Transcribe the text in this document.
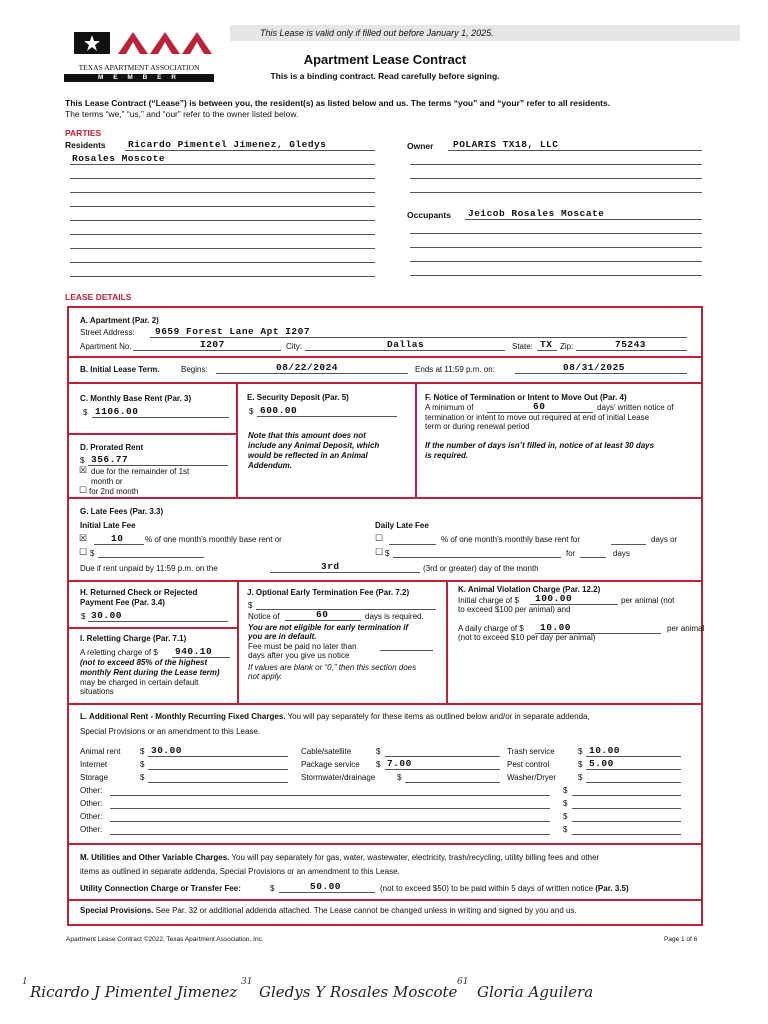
This Lease is valid only if filled out before January 1, 2025.
TEXAS APARTMENT ASSOCIATION
M E M B E R
Apartment Lease Contract
This is a binding contract. Read carefully before signing.
This Lease Contract (“Lease”) is between you, the resident(s) as listed below and us. The terms “you” and “your” refer to all residents.
The terms “we,” “us,” and “our” refer to the owner listed below.
PARTIES
Residents Ricardo Pimentel Jimenez, Gledys
Rosales Moscote
Owner POLARIS TX18, LLC
Occupants Jeicob Rosales Moscate
LEASE DETAILS
A. Apartment (Par. 2)
Street Address: 9659 Forest Lane Apt I207
Apartment No.	I207	City:	Dallas	State: TX Zip:	75243
B. Initial Lease Term.	Begins:	08/22/2024	Ends at 11:59 p.m. on:	08/31/2025
C. Monthly Base Rent (Par. 3)
$ 1106.00
D. Prorated Rent
$ 356.77
☒ due for the remainder of 1st
month or
☐ for 2nd month
E. Security Deposit (Par. 5)
$ 600.00
Note that this amount does not
include any Animal Deposit, which
would be reflected in an Animal
Addendum.
F. Notice of Termination or Intent to Move Out (Par. 4)
A minimum of	60	days’ written notice of
termination or intent to move out required at end of initial Lease
term or during renewal period
If the number of days isn’t filled in, notice of at least 30 days
is required.
G. Late Fees (Par. 3.3)
Initial Late Fee
☒	10	% of one month’s monthly base rent or
☐ $
Daily Late Fee
☐	% of one month’s monthly base rent for	days or
☐ $	for	days
Due if rent unpaid by 11:59 p.m. on the	3rd	(3rd or greater) day of the month
H. Returned Check or Rejected
Payment Fee (Par. 3.4)
$ 30.00
I. Reletting Charge (Par. 7.1)
A reletting charge of $ 940.10
(not to exceed 85% of the highest
monthly Rent during the Lease term)
may be charged in certain default
situations
J. Optional Early Termination Fee (Par. 7.2)
$
Notice of	60	days is required.
You are not eligible for early termination if
you are in default.
Fee must be paid no later than
days after you give us notice
If values are blank or “0,” then this section does
not apply.
K. Animal Violation Charge (Par. 12.2)
Initial charge of $ 100.00	per animal (not
to exceed $100 per animal) and
A daily charge of $ 10.00	per animal
(not to exceed $10 per day per animal)
L. Additional Rent - Monthly Recurring Fixed Charges. You will pay separately for these items as outlined below and/or in separate addenda,
Special Provisions or an amendment to this Lease.
Animal rent $ 30.00	Cable/satellite	$	Trash service	$ 10.00
Internet	$	Package service $ 7.00	Pest control	$ 5.00
Storage	$	Stormwater/drainage	$	Washer/Dryer	$
Other:	$
Other:	$
Other:	$
Other:	$
M. Utilities and Other Variable Charges. You will pay separately for gas, water, wastewater, electricity, trash/recycling, utility billing fees and other
items as outlined in separate addenda, Special Provisions or an amendment to this Lease.
Utility Connection Charge or Transfer Fee:	$	50.00	(not to exceed $50) to be paid within 5 days of written notice (Par. 3.5)
Special Provisions. See Par. 32 or additional addenda attached. The Lease cannot be changed unless in writing and signed by you and us.
Apartment Lease Contract ©2022, Texas Apartment Association, Inc.	Page 1 of 6
1
Ricardo J Pimentel Jimenez
31
Gledys Y Rosales Moscote
61
Gloria Aguilera
